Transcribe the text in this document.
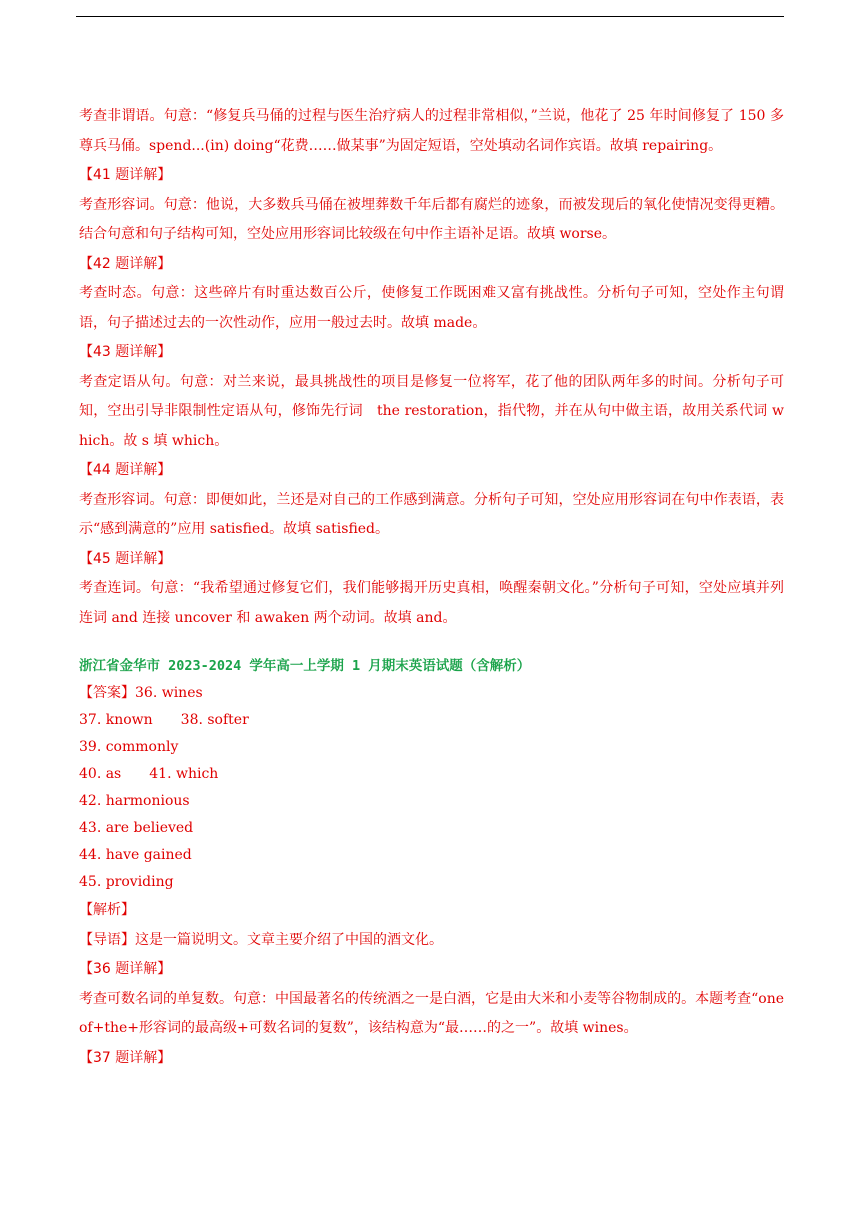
考查非谓语。句意：“修复兵马俑的过程与医生治疗病人的过程非常相似，”兰说，他花了 25 年时间修复了 150 多尊兵马俑。spend...(in) doing“花费……做某事”为固定短语，空处填动名词作宾语。故填 repairing。

【41 题详解】

考查形容词。句意：他说，大多数兵马俑在被埋葬数千年后都有腐烂的迹象，而被发现后的氧化使情况变得更糟。结合句意和句子结构可知，空处应用形容词比较级在句中作主语补足语。故填 worse。

【42 题详解】

考查时态。句意：这些碎片有时重达数百公斤，使修复工作既困难又富有挑战性。分析句子可知，空处作主句谓语，句子描述过去的一次性动作，应用一般过去时。故填 made。

【43 题详解】

考查定语从句。句意：对兰来说，最具挑战性的项目是修复一位将军，花了他的团队两年多的时间。分析句子可知，空出引导非限制性定语从句，修饰先行词　the restoration，指代物，并在从句中做主语，故用关系代词 which。故 s 填 which。

【44 题详解】

考查形容词。句意：即便如此，兰还是对自己的工作感到满意。分析句子可知，空处应用形容词在句中作表语，表示“感到满意的”应用 satisfied。故填 satisfied。

【45 题详解】

考查连词。句意：“我希望通过修复它们，我们能够揭开历史真相，唤醒秦朝文化。”分析句子可知，空处应填并列连词 and 连接 uncover 和 awaken 两个动词。故填 and。

浙江省金华市 2023-2024 学年高一上学期 1 月期末英语试题（含解析）

【答案】36. wines

37. known 38. softer

39. commonly

40. as 41. which

42. harmonious

43. are believed

44. have gained

45. providing

【解析】

【导语】这是一篇说明文。文章主要介绍了中国的酒文化。

【36 题详解】

考查可数名词的单复数。句意：中国最著名的传统酒之一是白酒，它是由大米和小麦等谷物制成的。本题考查“one of+the+形容词的最高级+可数名词的复数”，该结构意为“最……的之一”。故填 wines。

【37 题详解】
